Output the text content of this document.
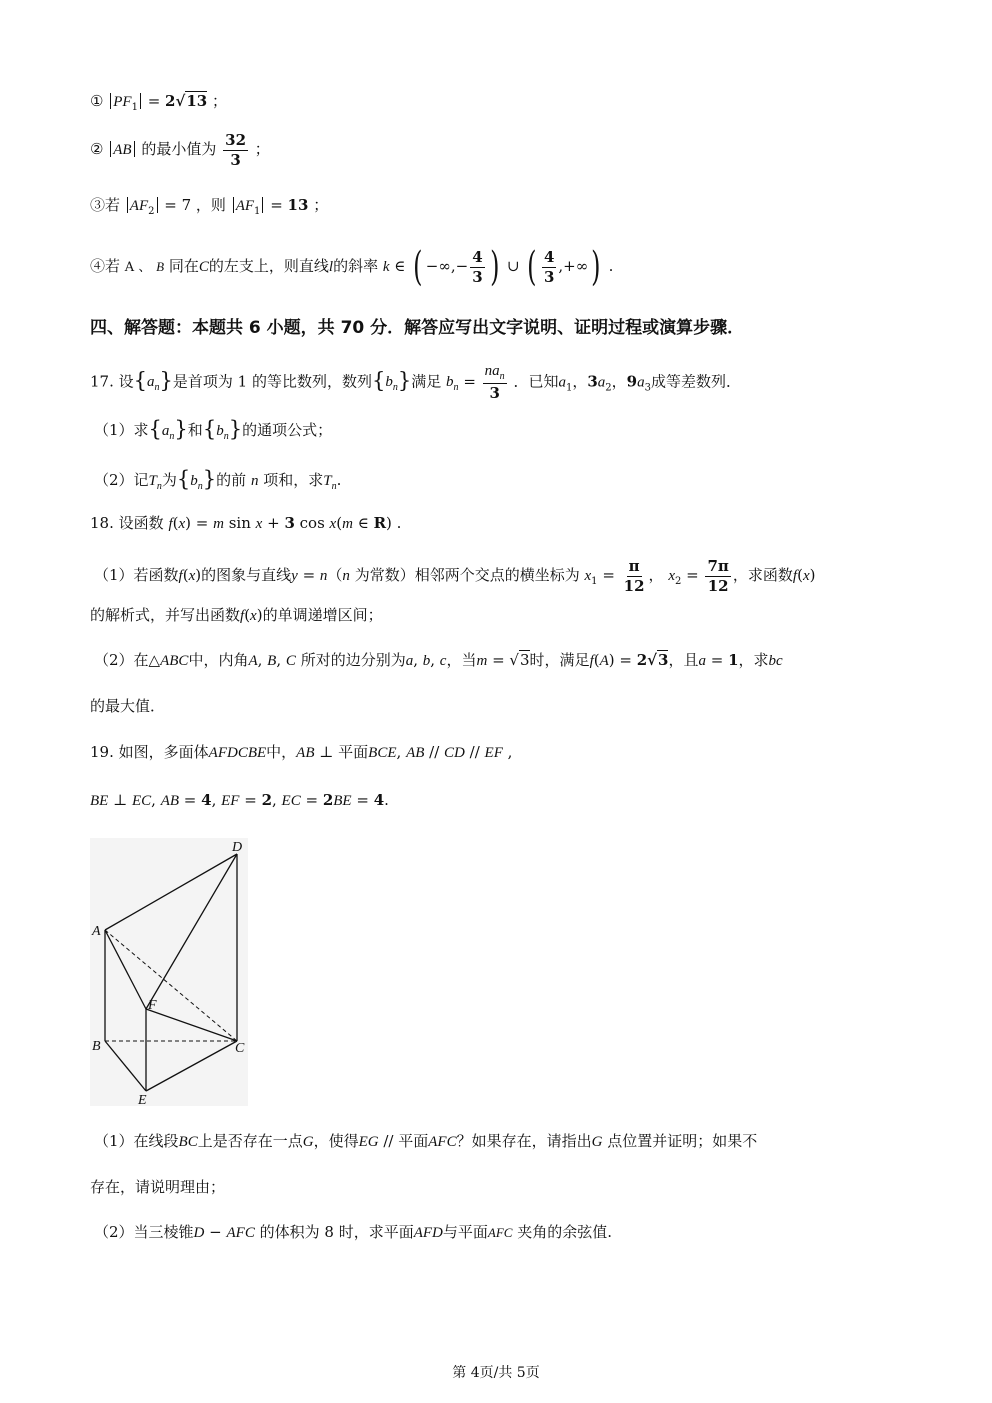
① $PF_1 = 2√13$ ；
② AB 的最小值为 $\frac{32}{3}$ ；
③若 $AF_2 = 7$ ，则 $AF_1 = 13$ ；
④若 A 、 B 同在C的左支上，则直线l的斜率 k ∈ ( −∞,− $\frac{4}{3}$ ) ∪ ( $\frac{4}{3}$ ,+∞) .
四、解答题：本题共 6 小题，共 70 分．解答应写出文字说明、证明过程或演算步骤．
17. 设$\{a_n\}$是首项为 1 的等比数列，数列$\{b_n\}$满足 $b_n = \frac{na_n}{3}$ ．已知$a_1$，$3a_2$，$9a_3$成等差数列．
（1）求$\{a_n\}$和$\{b_n\}$的通项公式；
（2）记$T_n$为$\{b_n\}$的前 n 项和，求$T_n$.
18. 设函数 f(x) = m sin x + 3 cos x(m ∈ R) .
（1）若函数f(x)的图象与直线y = n（n 为常数）相邻两个交点的横坐标为 $x_1 = \frac{\pi}{12}$ ， $x_2 = \frac{7\pi}{12}$ ，求函数f(x)
的解析式，并写出函数f(x)的单调递增区间；
（2）在△ABC中，内角A, B, C 所对的边分别为a, b, c，当m = √3时，满足f(A) = 2√3，且a = 1，求bc
的最大值．
19. 如图，多面体AFDCBE中，AB ⊥ 平面BCE, AB // CD // EF ,
BE ⊥ EC, AB = 4, EF = 2, EC = 2BE = 4.
D
A
F
B	C
E
（1）在线段BC上是否存在一点G，使得EG // 平面AFC？如果存在，请指出G 点位置并证明；如果不
存在，请说明理由；
（2）当三棱锥D − AFC 的体积为 8 时，求平面AFD与平面AFC 夹角的余弦值.
第 4页/共 5页
